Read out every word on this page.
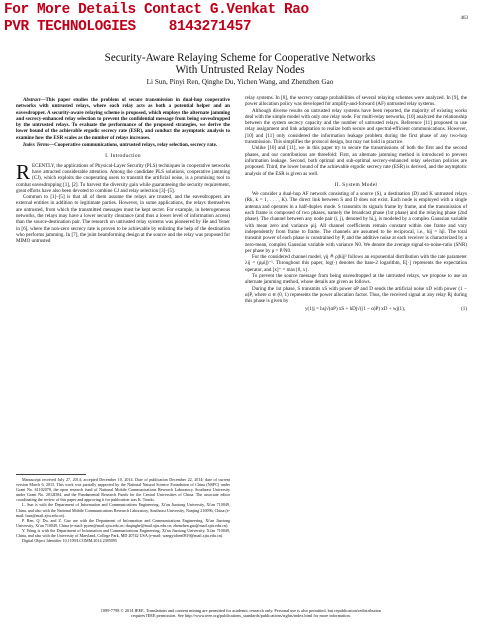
For More Details Contact G.Venkat Rao
PVR TECHNOLOGIES    8143271457
463
Security-Aware Relaying Scheme for Cooperative Networks
With Untrusted Relay Nodes
Li Sun, Pinyi Ren, Qinghe Du, Yichen Wang, and Zhenzhen Gao

Abstract—This paper studies the problem of secure transmission in dual-hop cooperative networks with untrusted relays, where each relay acts as both a potential helper and an eavesdropper. A security-aware relaying scheme is proposed, which employs the alternate jamming and secrecy-enhanced relay selection to prevent the confidential message from being eavesdropped by the untrusted relays. To evaluate the performance of the proposed strategies, we derive the lower bound of the achievable ergodic secrecy rate (ESR), and conduct the asymptotic analysis to examine how the ESR scales as the number of relays increases.

Index Terms—Cooperative communications, untrusted relays, relay selection, secrecy rate.

I. Introduction
RECENTLY, the applications of Physical-Layer Security (PLS) techniques in cooperative networks have attracted considerable attention. Among the candidate PLS solutions, cooperative jamming (CJ), which exploits the cooperating users to transmit the artificial noise, is a promising tool to combat eavesdropping [1], [2]. To harvest the diversity gain while guaranteeing the security requirement, great efforts have also been devoted to combine CJ and relay selection [3]–[5].

Common to [1]–[5] is that all of them assume the relays are trusted, and the eavesdroppers are external entities in addition to legitimate parties. However, in some applications, the relays themselves are untrusted, from which the transmitted messages must be kept secret. For example, in heterogeneous networks, the relays may have a lower security clearance (and thus a lower level of information access) than the source-destination pair. The research on untrusted relay systems was pioneered by He and Yener in [6], where the non-zero secrecy rate is proven to be achievable by enlisting the help of the destination who performs jamming. In [7], the joint beamforming design at the source and the relay was proposed for MIMO untrusted

Manuscript received July 27, 2014; accepted December 10, 2014. Date of publication December 22, 2014; date of current version March 6, 2015. This work was partially supported by the National Natural Science Foundation of China (NSFC) under Grant No. 61102078, the open research fund of National Mobile Communications Research Laboratory, Southeast University under Grant No. 2012D04, and the Fundamental Research Funds for the Central Universities of China. The associate editor coordinating the review of this paper and approving it for publication was K. Tourki.

L. Sun is with the Department of Information and Communications Engineering, Xi'an Jiaotong University, Xi'an 710049, China, and also with the National Mobile Communications Research Laboratory, Southeast University, Nanjing 210096, China (e-mail: lsun@mail.xjtu.edu.cn).

P. Ren, Q. Du, and Z. Gao are with the Department of Information and Communications Engineering, Xi'an Jiaotong University, Xi'an 710049, China (e-mail: pyren@mail.xjtu.edu.cn; duqinghe@mail.xjtu.edu.cn; zhenzhen.gao@mail.xjtu.edu.cn).

Y. Wang is with the Department of Information and Communications Engineering, Xi'an Jiaotong University, Xi'an 710049, China, and also with the University of Maryland, College Park, MD 20742 USA (e-mail: wangyichen0819@mail.xjtu.edu.cn).

Digital Object Identifier 10.1109/LCOMM.2014.2385095

relay systems. In [8], the secrecy outage probabilities of several relaying schemes were analyzed. In [9], the power allocation policy was developed for amplify-and-forward (AF) untrusted relay systems.

Although diverse results on untrusted relay systems have been reported, the majority of existing works deal with the simple model with only one relay node. For multi-relay networks, [10] analyzed the relationship between the system secrecy capacity and the number of untrusted relays. Reference [11] proposed to use relay assignment and link adaptation to realize both secure and spectral-efficient communications. However, [10] and [11] only considered the information leakage problem during the first phase of any two-hop transmission. This simplifies the protocol design, but may not hold in practice.

Unlike [10] and [11], we in this paper try to secure the transmissions of both the first and the second phases, and our contributions are threefold: First, an alternate jamming method is introduced to prevent information leakage. Second, both optimal and sub-optimal secrecy-enhanced relay selection policies are proposed. Third, the lower bound of the achievable ergodic secrecy rate (ESR) is derived, and the asymptotic analysis of the ESR is given as well.

II. System Model

We consider a dual-hop AF network consisting of a source (S), a destination (D) and K untrusted relays (Rk, k = 1, . . . , K). The direct link between S and D does not exist. Each node is employed with a single antenna and operates in a half-duplex mode. S transmits its signals frame by frame, and the transmission of each frame is composed of two phases, namely the broadcast phase (1st phase) and the relaying phase (2nd phase). The channel between any node pair (i, j), denoted by hi,j, is modeled by a complex Gaussian variable with mean zero and variance μij. All channel coefficients remain constant within one frame and vary independently from frame to frame. The channels are assumed to be reciprocal, i.e., hij = hji. The total transmit power of each phase is constrained by P, and the additive noise at each receiver is characterized by a zero-mean, complex Gaussian variable with variance N0. We denote the average signal-to-noise-ratio (SNR) per phase by ρ = P/N0.

For the considered channel model, γij ≜ ρ|hij|² follows an exponential distribution with the rate parameter λij = (ρμij)⁻¹. Throughout this paper, log(·) denotes the base-2 logarithm, E[·] represents the expectation operator, and [x]⁺ = max{0, x}.

To prevent the source message from being eavesdropped at the untrusted relays, we propose to use an alternate jamming method, whose details are given as follows.

During the 1st phase, S transmits xS with power αP and D sends the artificial noise xD with power (1 − α)P, where α ∈ (0, 1) represents the power allocation factor. Thus, the received signal at any relay Rj during this phase is given by

y(1)j = hsj√(αP) xS + hDj√((1 − α)P) xD + wj(1),	(1)
1089-7798 © 2014 IEEE. Translations and content mining are permitted for academic research only. Personal use is also permitted, but republication/redistribution
requires IEEE permission. See http://www.ieee.org/publications_standards/publications/rights/index.html for more information.
